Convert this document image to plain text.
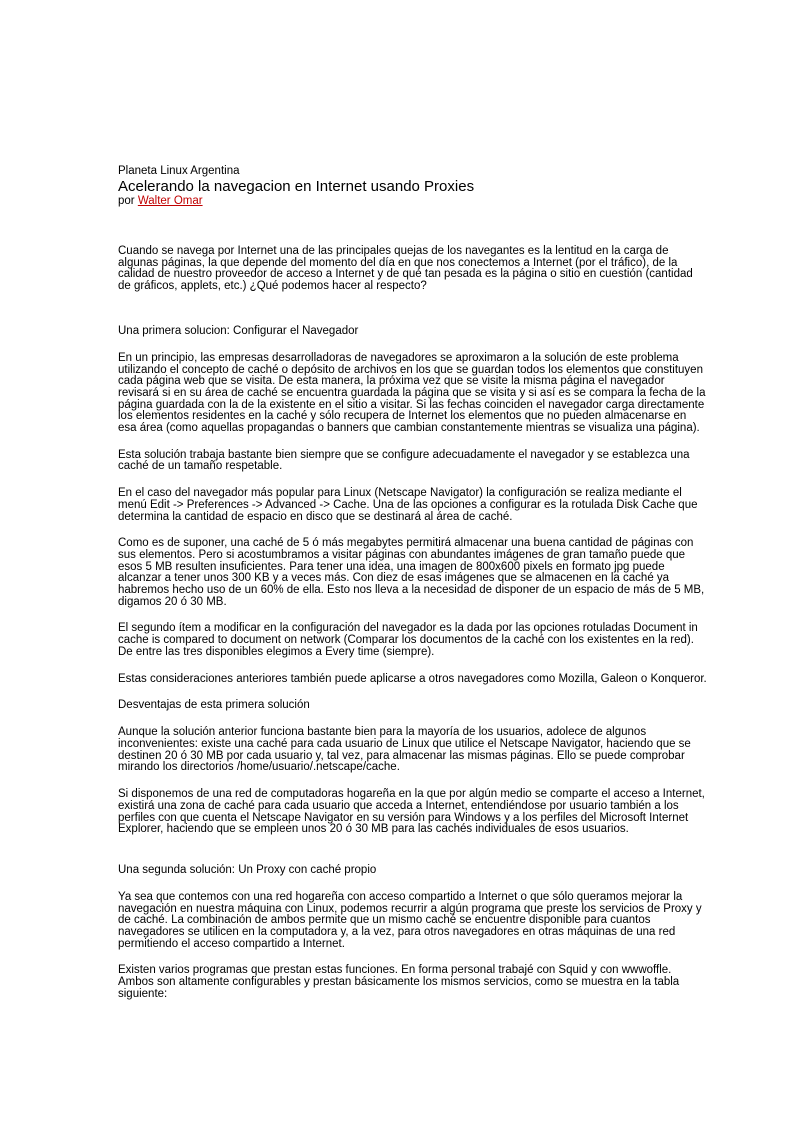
Planeta Linux Argentina
Acelerando la navegacion en Internet usando Proxies
por Walter Omar

Cuando se navega por Internet una de las principales quejas de los navegantes es la lentitud en la carga de algunas páginas, la que depende del momento del día en que nos conectemos a Internet (por el tráfico), de la calidad de nuestro proveedor de acceso a Internet y de qué tan pesada es la página o sitio en cuestión (cantidad de gráficos, applets, etc.) ¿Qué podemos hacer al respecto?

Una primera solucion: Configurar el Navegador

En un principio, las empresas desarrolladoras de navegadores se aproximaron a la solución de este problema utilizando el concepto de caché o depósito de archivos en los que se guardan todos los elementos que constituyen cada página web que se visita. De esta manera, la próxima vez que se visite la misma página el navegador revisará si en su área de caché se encuentra guardada la página que se visita y si así es se compara la fecha de la página guardada con la de la existente en el sitio a visitar. Si las fechas coinciden el navegador carga directamente los elementos residentes en la caché y sólo recupera de Internet los elementos que no pueden almacenarse en esa área (como aquellas propagandas o banners que cambian constantemente mientras se visualiza una página).

Esta solución trabaja bastante bien siempre que se configure adecuadamente el navegador y se establezca una caché de un tamaño respetable.

En el caso del navegador más popular para Linux (Netscape Navigator) la configuración se realiza mediante el menú Edit -> Preferences -> Advanced -> Cache. Una de las opciones a configurar es la rotulada Disk Cache que determina la cantidad de espacio en disco que se destinará al área de caché.

Como es de suponer, una caché de 5 ó más megabytes permitirá almacenar una buena cantidad de páginas con sus elementos. Pero si acostumbramos a visitar páginas con abundantes imágenes de gran tamaño puede que esos 5 MB resulten insuficientes. Para tener una idea, una imagen de 800x600 pixels en formato jpg puede alcanzar a tener unos 300 KB y a veces más. Con diez de esas imágenes que se almacenen en la caché ya habremos hecho uso de un 60% de ella. Esto nos lleva a la necesidad de disponer de un espacio de más de 5 MB, digamos 20 ó 30 MB.

El segundo ítem a modificar en la configuración del navegador es la dada por las opciones rotuladas Document in cache is compared to document on network (Comparar los documentos de la caché con los existentes en la red). De entre las tres disponibles elegimos a Every time (siempre).

Estas consideraciones anteriores también puede aplicarse a otros navegadores como Mozilla, Galeon o Konqueror.

Desventajas de esta primera solución

Aunque la solución anterior funciona bastante bien para la mayoría de los usuarios, adolece de algunos inconvenientes: existe una caché para cada usuario de Linux que utilice el Netscape Navigator, haciendo que se destinen 20 ó 30 MB por cada usuario y, tal vez, para almacenar las mismas páginas. Ello se puede comprobar mirando los directorios /home/usuario/.netscape/cache.

Si disponemos de una red de computadoras hogareña en la que por algún medio se comparte el acceso a Internet, existirá una zona de caché para cada usuario que acceda a Internet, entendiéndose por usuario también a los perfiles con que cuenta el Netscape Navigator en su versión para Windows y a los perfiles del Microsoft Internet Explorer, haciendo que se empleen unos 20 ó 30 MB para las cachés individuales de esos usuarios.

Una segunda solución: Un Proxy con caché propio

Ya sea que contemos con una red hogareña con acceso compartido a Internet o que sólo queramos mejorar la navegación en nuestra máquina con Linux, podemos recurrir a algún programa que preste los servicios de Proxy y de caché. La combinación de ambos permite que un mismo caché se encuentre disponible para cuantos navegadores se utilicen en la computadora y, a la vez, para otros navegadores en otras máquinas de una red permitiendo el acceso compartido a Internet.

Existen varios programas que prestan estas funciones. En forma personal trabajé con Squid y con wwwoffle. Ambos son altamente configurables y prestan básicamente los mismos servicios, como se muestra en la tabla siguiente:
